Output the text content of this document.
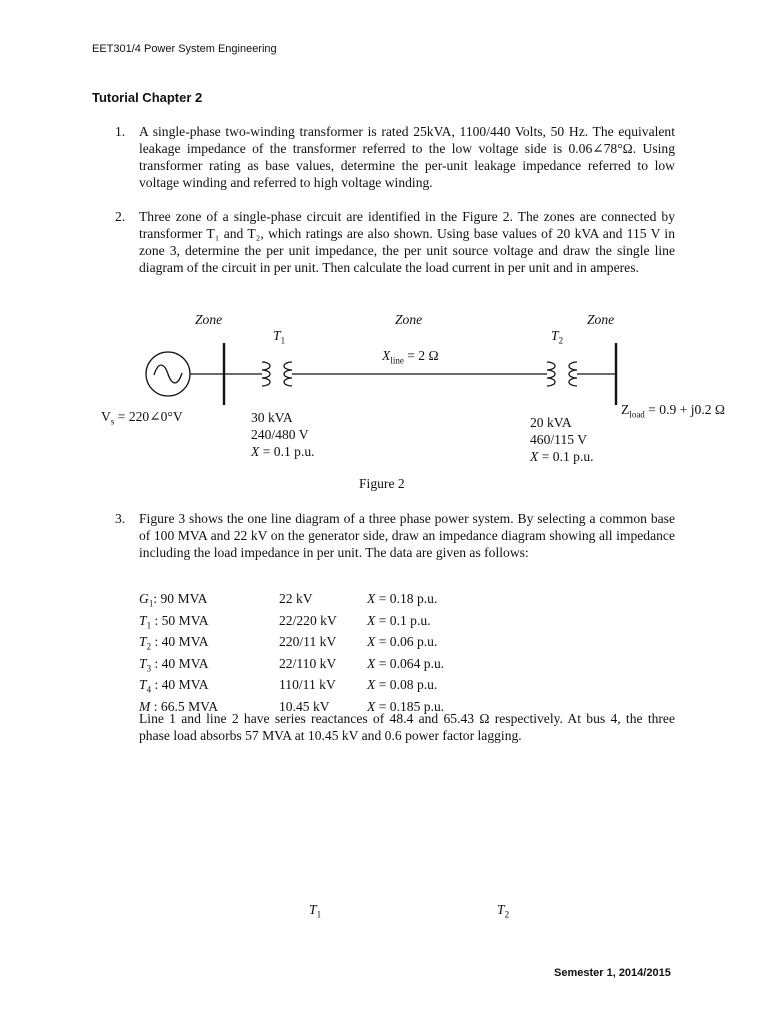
EET301/4 Power System Engineering
Tutorial Chapter 2
1. A single-phase two-winding transformer is rated 25kVA, 1100/440 Volts, 50 Hz. The equivalent leakage impedance of the transformer referred to the low voltage side is 0.06∠78°Ω. Using transformer rating as base values, determine the per-unit leakage impedance referred to low voltage winding and referred to high voltage winding.
2. Three zone of a single-phase circuit are identified in the Figure 2. The zones are connected by transformer T₁ and T₂, which ratings are also shown. Using base values of 20 kVA and 115 V in zone 3, determine the per unit impedance, the per unit source voltage and draw the single line diagram of the circuit in per unit. Then calculate the load current in per unit and in amperes.
Zone	Zone	Zone
$T_1$	$T_2$
$X_{line} = 2$ Ω
$V_s$ = 220∠0°V	30 kVA
240/480 V
X = 0.1 p.u.
20 kVA
460/115 V
X = 0.1 p.u.
$Z_{load} = 0.9 + j0.2$ Ω
Figure 2
3. Figure 3 shows the one line diagram of a three phase power system. By selecting a common base of 100 MVA and 22 kV on the generator side, draw an impedance diagram showing all impedance including the load impedance in per unit. The data are given as follows:
$G_1$: 90 MVA	22 kV	X = 0.18 p.u.
$T_1$ : 50 MVA	22/220 kV	X = 0.1 p.u.
$T_2$ : 40 MVA	220/11 kV	X = 0.06 p.u.
$T_3$ : 40 MVA	22/110 kV	X = 0.064 p.u.
$T_4$ : 40 MVA	110/11 kV	X = 0.08 p.u.
M : 66.5 MVA	10.45 kV	X = 0.185 p.u.
Line 1 and line 2 have series reactances of 48.4 and 65.43 Ω respectively. At bus 4, the three phase load absorbs 57 MVA at 10.45 kV and 0.6 power factor lagging.
$T_1$	$T_2$
Semester 1, 2014/2015
